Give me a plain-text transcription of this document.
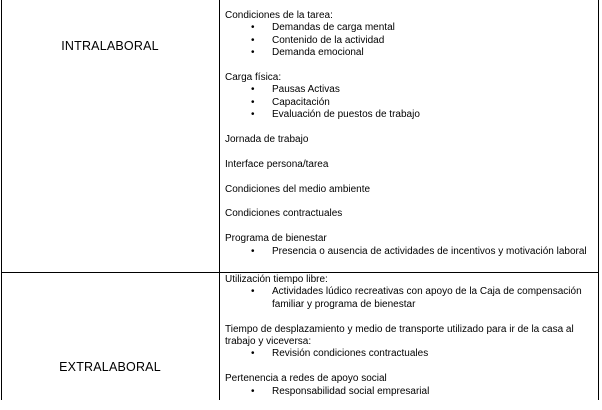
INTRALABORAL
EXTRALABORAL
Condiciones de la tarea:
• Demandas de carga mental
• Contenido de la actividad
• Demanda emocional
Carga física:
• Pausas Activas
• Capacitación
• Evaluación de puestos de trabajo
Jornada de trabajo
Interface persona/tarea
Condiciones del medio ambiente
Condiciones contractuales
Programa de bienestar
• Presencia o ausencia de actividades de incentivos y motivación laboral
Utilización tiempo libre:
• Actividades lúdico recreativas con apoyo de la Caja de compensación familiar y programa de bienestar
Tiempo de desplazamiento y medio de transporte utilizado para ir de la casa al trabajo y viceversa:
• Revisión condiciones contractuales
Pertenencia a redes de apoyo social
• Responsabilidad social empresarial
